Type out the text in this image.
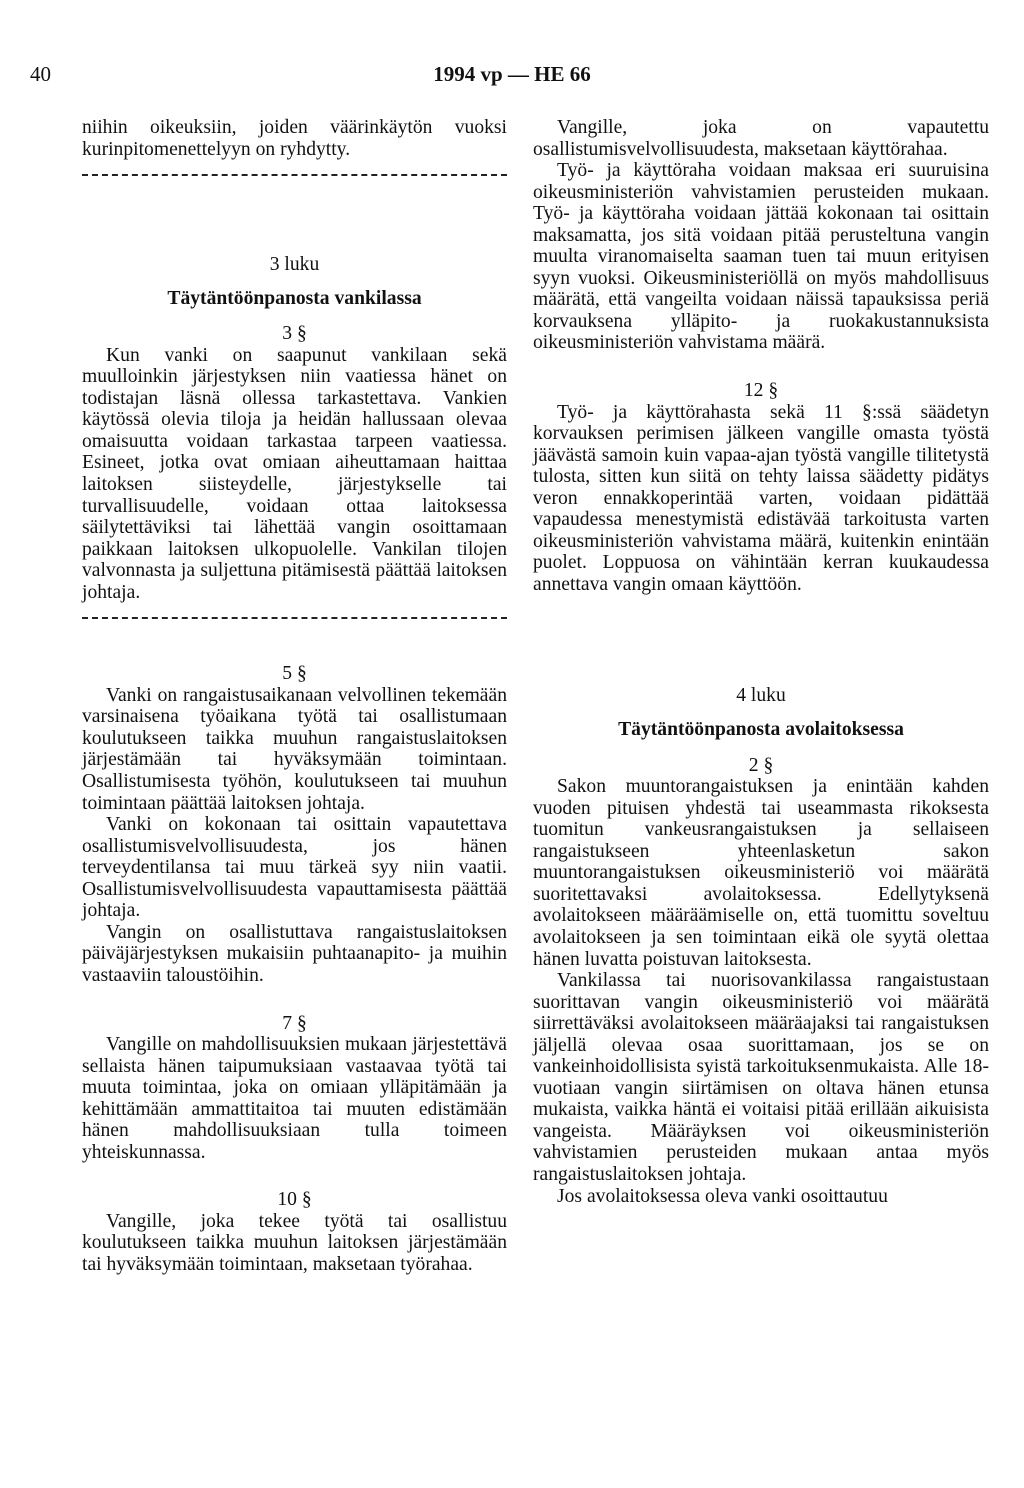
40	1994 vp — HE 66

niihin oikeuksiin, joiden väärinkäytön vuoksi kurinpitomenettelyyn on ryhdytty.

3 luku
Täytäntöönpanosta vankilassa
3 §

Kun vanki on saapunut vankilaan sekä muulloinkin järjestyksen niin vaatiessa hänet on todistajan läsnä ollessa tarkastettava. Vankien käytössä olevia tiloja ja heidän hallussaan olevaa omaisuutta voidaan tarkastaa tarpeen vaatiessa. Esineet, jotka ovat omiaan aiheuttamaan haittaa laitoksen siisteydelle, järjestykselle tai turvallisuudelle, voidaan ottaa laitoksessa säilytettäviksi tai lähettää vangin osoittamaan paikkaan laitoksen ulkopuolelle. Vankilan tilojen valvonnasta ja suljettuna pitämisestä päättää laitoksen johtaja.

5 §

Vanki on rangaistusaikanaan velvollinen tekemään varsinaisena työaikana työtä tai osallistumaan koulutukseen taikka muuhun rangaistuslaitoksen järjestämään tai hyväksymään toimintaan. Osallistumisesta työhön, koulutukseen tai muuhun toimintaan päättää laitoksen johtaja.

Vanki on kokonaan tai osittain vapautettava osallistumisvelvollisuudesta, jos hänen terveydentilansa tai muu tärkeä syy niin vaatii. Osallistumisvelvollisuudesta vapauttamisesta päättää johtaja.

Vangin on osallistuttava rangaistuslaitoksen päiväjärjestyksen mukaisiin puhtaanapito- ja muihin vastaaviin taloustöihin.

7 §

Vangille on mahdollisuuksien mukaan järjestettävä sellaista hänen taipumuksiaan vastaavaa työtä tai muuta toimintaa, joka on omiaan ylläpitämään ja kehittämään ammattitaitoa tai muuten edistämään hänen mahdollisuuksiaan tulla toimeen yhteiskunnassa.

10 §

Vangille, joka tekee työtä tai osallistuu koulutukseen taikka muuhun laitoksen järjestämään tai hyväksymään toimintaan, maksetaan työrahaa.

Vangille, joka on vapautettu osallistumisvelvollisuudesta, maksetaan käyttörahaa.

Työ- ja käyttöraha voidaan maksaa eri suuruisina oikeusministeriön vahvistamien perusteiden mukaan. Työ- ja käyttöraha voidaan jättää kokonaan tai osittain maksamatta, jos sitä voidaan pitää perusteltuna vangin muulta viranomaiselta saaman tuen tai muun erityisen syyn vuoksi. Oikeusministeriöllä on myös mahdollisuus määrätä, että vangeilta voidaan näissä tapauksissa periä korvauksena ylläpito- ja ruokakustannuksista oikeusministeriön vahvistama määrä.

12 §

Työ- ja käyttörahasta sekä 11 §:ssä säädetyn korvauksen perimisen jälkeen vangille omasta työstä jäävästä samoin kuin vapaa-ajan työstä vangille tilitetystä tulosta, sitten kun siitä on tehty laissa säädetty pidätys veron ennakkoperintää varten, voidaan pidättää vapaudessa menestymistä edistävää tarkoitusta varten oikeusministeriön vahvistama määrä, kuitenkin enintään puolet. Loppuosa on vähintään kerran kuukaudessa annettava vangin omaan käyttöön.

4 luku
Täytäntöönpanosta avolaitoksessa
2 §

Sakon muuntorangaistuksen ja enintään kahden vuoden pituisen yhdestä tai useammasta rikoksesta tuomitun vankeusrangaistuksen ja sellaiseen rangaistukseen yhteenlasketun sakon muuntorangaistuksen oikeusministeriö voi määrätä suoritettavaksi avolaitoksessa. Edellytyksenä avolaitokseen määräämiselle on, että tuomittu soveltuu avolaitokseen ja sen toimintaan eikä ole syytä olettaa hänen luvatta poistuvan laitoksesta.

Vankilassa tai nuorisovankilassa rangaistustaan suorittavan vangin oikeusministeriö voi määrätä siirrettäväksi avolaitokseen määräajaksi tai rangaistuksen jäljellä olevaa osaa suorittamaan, jos se on vankeinhoidollisista syistä tarkoituksenmukaista. Alle 18-vuotiaan vangin siirtämisen on oltava hänen etunsa mukaista, vaikka häntä ei voitaisi pitää erillään aikuisista vangeista. Määräyksen voi oikeusministeriön vahvistamien perusteiden mukaan antaa myös rangaistuslaitoksen johtaja.

Jos avolaitoksessa oleva vanki osoittautuu
